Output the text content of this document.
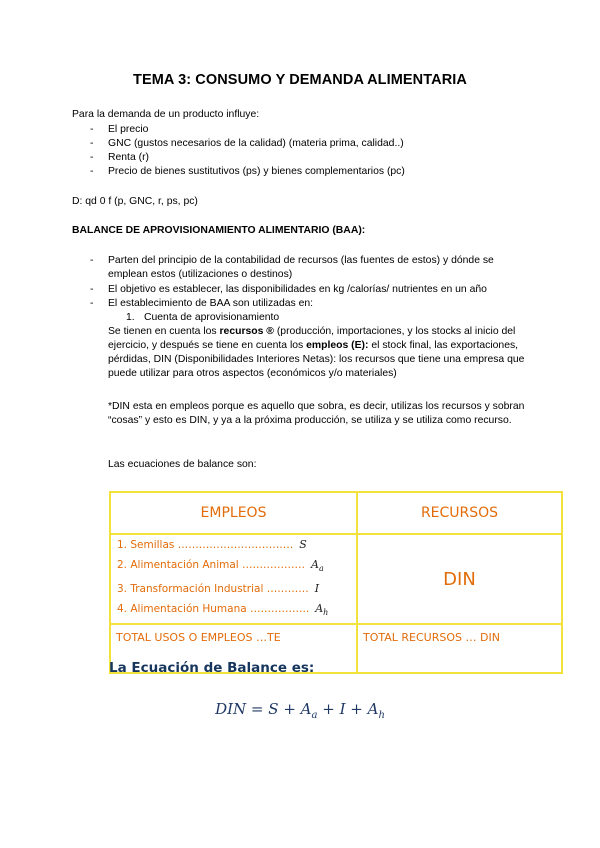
TEMA 3: CONSUMO Y DEMANDA ALIMENTARIA
Para la demanda de un producto influye:
- El precio
- GNC (gustos necesarios de la calidad) (materia prima, calidad..)
- Renta (r)
- Precio de bienes sustitutivos (ps) y bienes complementarios (pc)
D: qd 0 f (p, GNC, r, ps, pc)
BALANCE DE APROVISIONAMIENTO ALIMENTARIO (BAA):
- Parten del principio de la contabilidad de recursos (las fuentes de estos) y dónde se
emplean estos (utilizaciones o destinos)
- El objetivo es establecer, las disponibilidades en kg /calorías/ nutrientes en un año
- El establecimiento de BAA son utilizadas en:
1. Cuenta de aprovisionamiento

Se tienen en cuenta los recursos ® (producción, importaciones, y los stocks al inicio del ejercicio, y después se tiene en cuenta los empleos (E): el stock final, las exportaciones, pérdidas, DIN (Disponibilidades Interiores Netas): los recursos que tiene una empresa que puede utilizar para otros aspectos (económicos y/o materiales)

*DIN esta en empleos porque es aquello que sobra, es decir, utilizas los recursos y sobran “cosas” y esto es DIN, y ya a la próxima producción, se utiliza y se utiliza como recurso.

Las ecuaciones de balance son:
EMPLEOS	RECURSOS

1. Semillas …………………………… S
2. Alimentación Animal ……………… $A_a$
3. Transformación Industrial ………… I
4. Alimentación Humana …………….. $A_h$	DIN
TOTAL USOS O EMPLEOS …TE	TOTAL RECURSOS … DIN
La Ecuación de Balance es:
DIN = $S + A_a + I + A_h$
